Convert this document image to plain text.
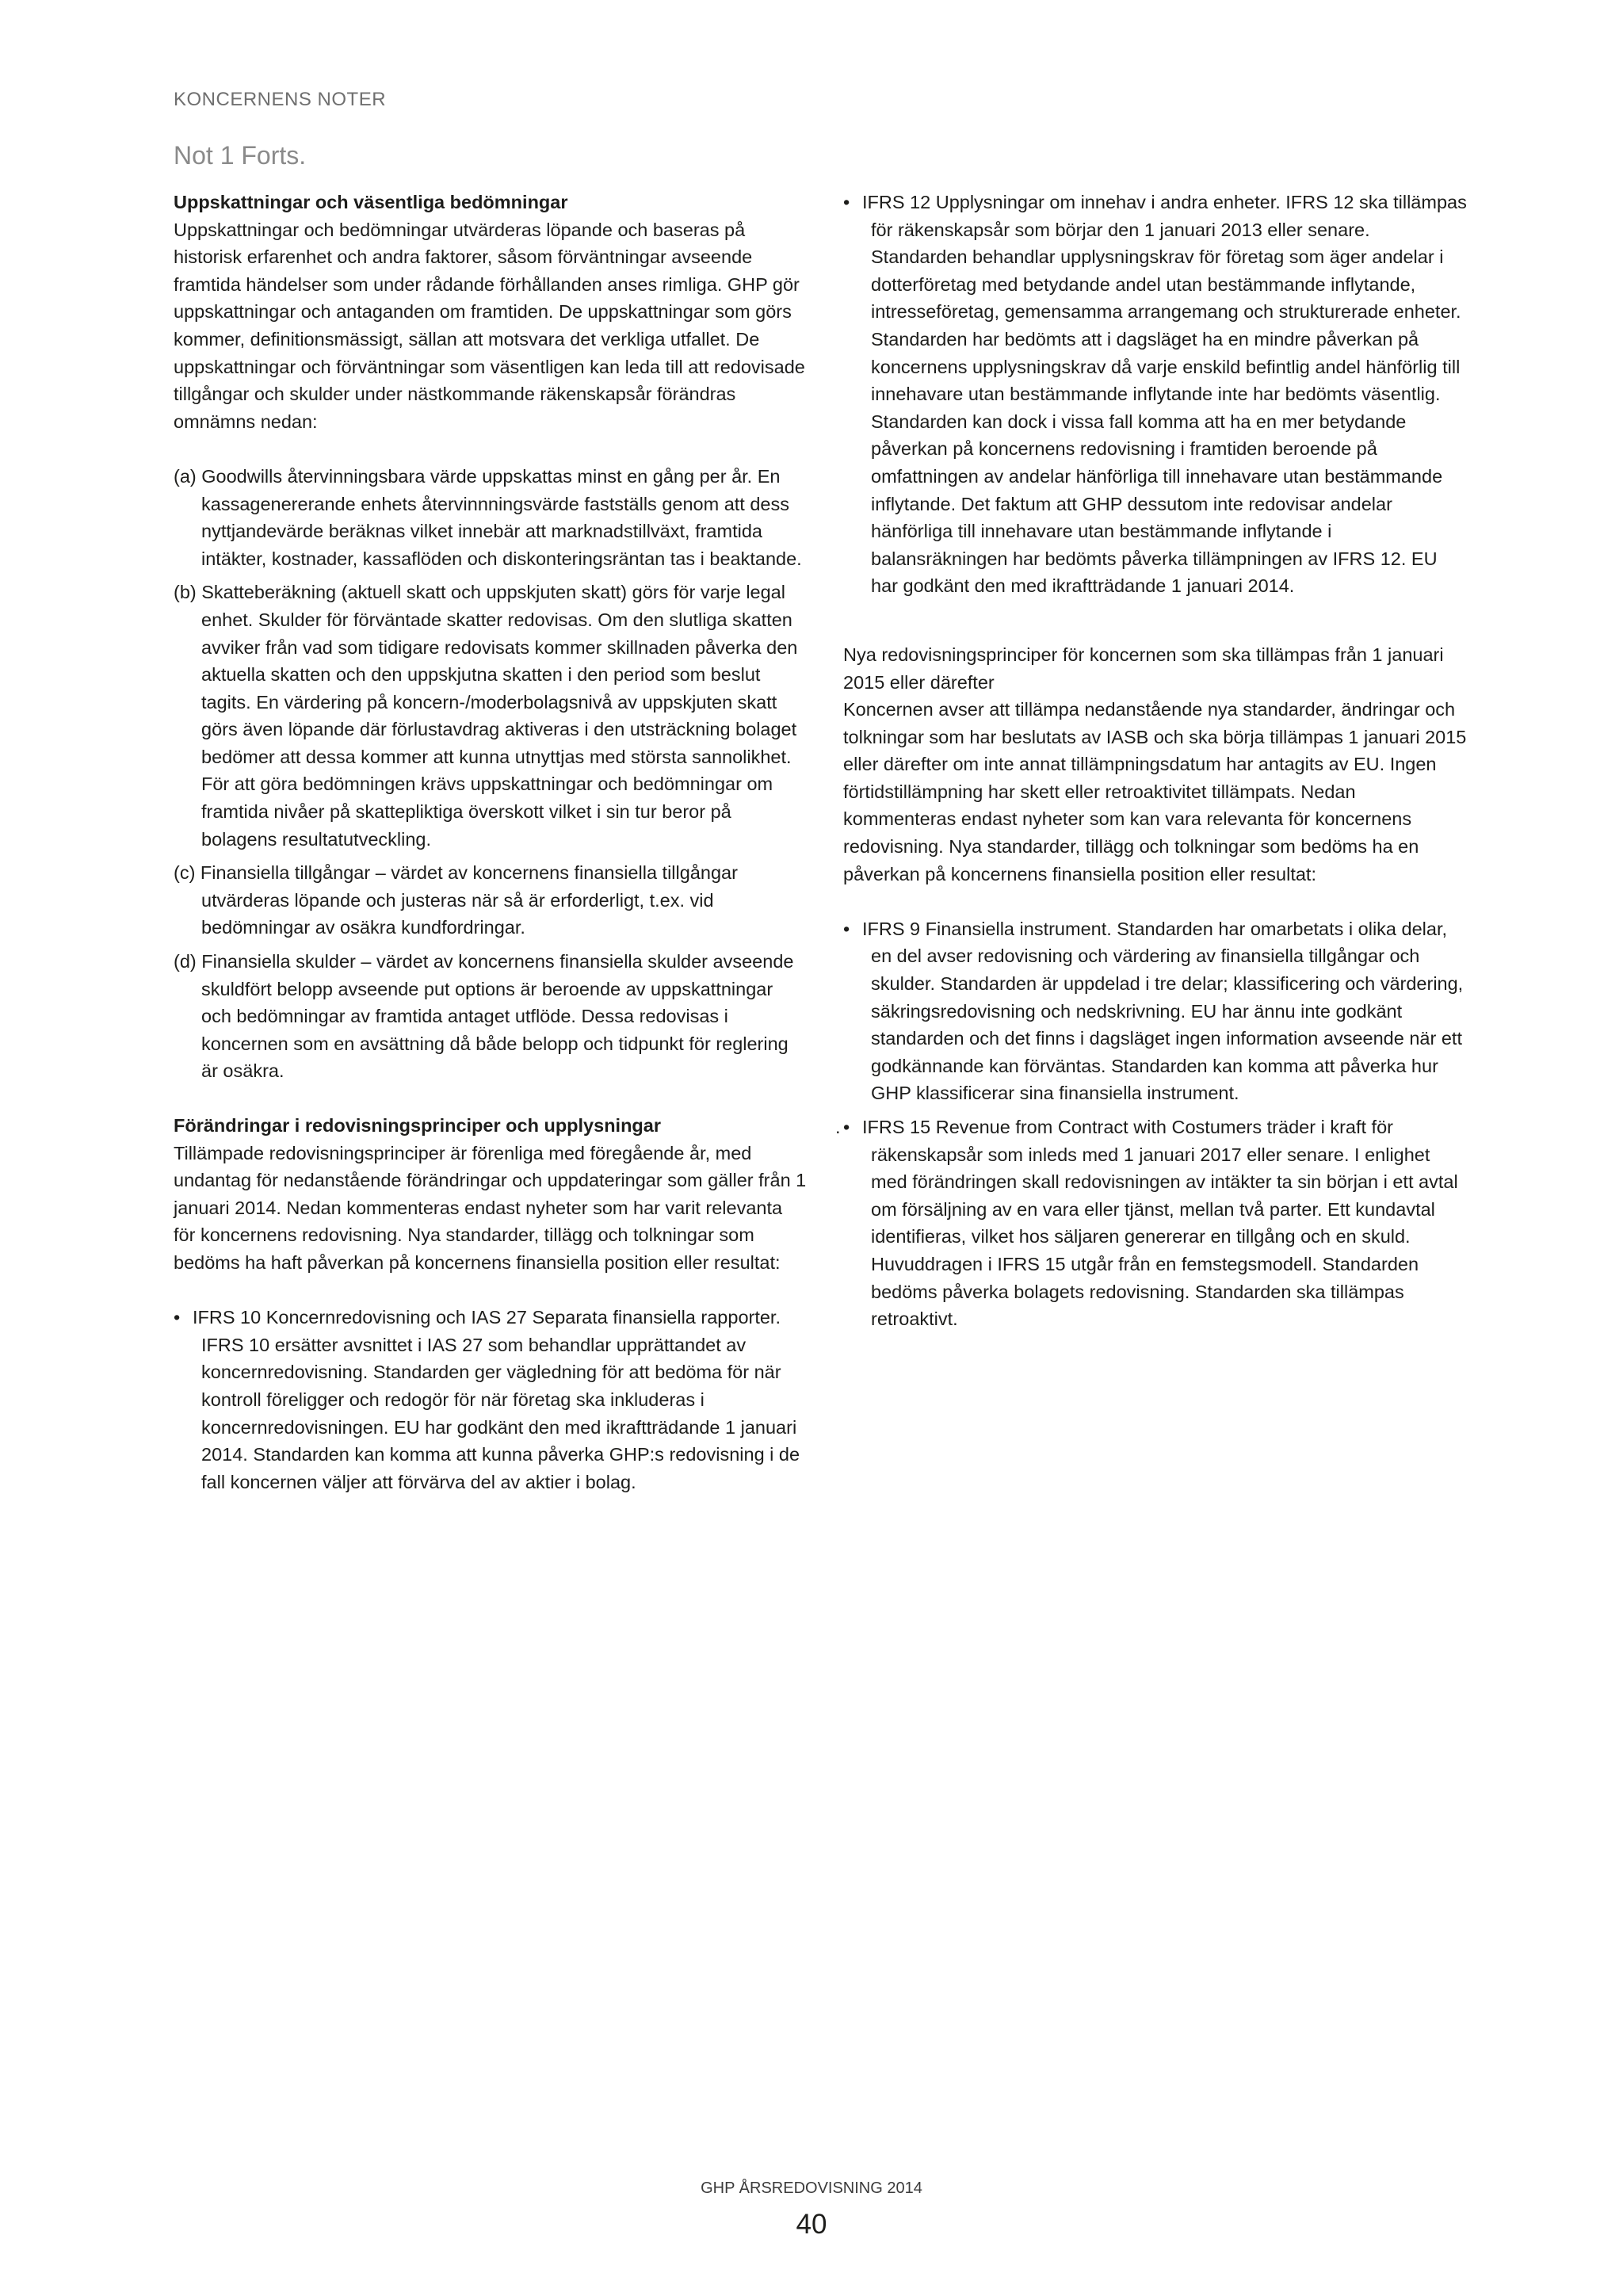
KONCERNENS NOTER
Not 1 Forts.

Uppskattningar och väsentliga bedömningar

Uppskattningar och bedömningar utvärderas löpande och baseras på historisk erfarenhet och andra faktorer, såsom förväntningar avseende framtida händelser som under rådande förhållanden anses rimliga. GHP gör uppskattningar och antaganden om framtiden. De uppskattningar som görs kommer, definitionsmässigt, sällan att motsvara det verkliga utfallet. De uppskattningar och förväntningar som väsentligen kan leda till att redovisade tillgångar och skulder under nästkommande räkenskapsår förändras omnämns nedan:

(a) Goodwills återvinningsbara värde uppskattas minst en gång per år. En kassagenererande enhets återvinnningsvärde fastställs genom att dess nyttjandevärde beräknas vilket innebär att marknadstillväxt, framtida intäkter, kostnader, kassaflöden och diskonteringsräntan tas i beaktande.
(b) Skatteberäkning (aktuell skatt och uppskjuten skatt) görs för varje legal enhet. Skulder för förväntade skatter redovisas. Om den slutliga skatten avviker från vad som tidigare redovisats kommer skillnaden påverka den aktuella skatten och den uppskjutna skatten i den period som beslut tagits. En värdering på koncern-/moderbolagsnivå av uppskjuten skatt görs även löpande där förlustavdrag aktiveras i den utsträckning bolaget bedömer att dessa kommer att kunna utnyttjas med största sannolikhet. För att göra bedömningen krävs uppskattningar och bedömningar om framtida nivåer på skattepliktiga överskott vilket i sin tur beror på bolagens resultatutveckling.
(c) Finansiella tillgångar – värdet av koncernens finansiella tillgångar utvärderas löpande och justeras när så är erforderligt, t.ex. vid bedömningar av osäkra kundfordringar.
(d) Finansiella skulder – värdet av koncernens finansiella skulder avseende skuldfört belopp avseende put options är beroende av uppskattningar och bedömningar av framtida antaget utflöde. Dessa redovisas i koncernen som en avsättning då både belopp och tidpunkt för reglering är osäkra.

Förändringar i redovisningsprinciper och upplysningar

Tillämpade redovisningsprinciper är förenliga med föregående år, med undantag för nedanstående förändringar och uppdateringar som gäller från 1 januari 2014. Nedan kommenteras endast nyheter som har varit relevanta för koncernens redovisning. Nya standarder, tillägg och tolkningar som bedöms ha haft påverkan på koncernens finansiella position eller resultat:

• IFRS 10 Koncernredovisning och IAS 27 Separata finansiella rapporter. IFRS 10 ersätter avsnittet i IAS 27 som behandlar upprättandet av koncernredovisning. Standarden ger vägledning för att bedöma för när kontroll föreligger och redogör för när företag ska inkluderas i koncernredovisningen. EU har godkänt den med ikraftträdande 1 januari 2014. Standarden kan komma att kunna påverka GHP:s redovisning i de fall koncernen väljer att förvärva del av aktier i bolag.
• IFRS 12 Upplysningar om innehav i andra enheter. IFRS 12 ska tillämpas för räkenskapsår som börjar den 1 januari 2013 eller senare. Standarden behandlar upplysningskrav för företag som äger andelar i dotterföretag med betydande andel utan bestämmande inflytande, intresseföretag, gemensamma arrangemang och strukturerade enheter. Standarden har bedömts att i dagsläget ha en mindre påverkan på koncernens upplysningskrav då varje enskild befintlig andel hänförlig till innehavare utan bestämmande inflytande inte har bedömts väsentlig. Standarden kan dock i vissa fall komma att ha en mer betydande påverkan på koncernens redovisning i framtiden beroende på omfattningen av andelar hänförliga till innehavare utan bestämmande inflytande. Det faktum att GHP dessutom inte redovisar andelar hänförliga till innehavare utan bestämmande inflytande i balansräkningen har bedömts påverka tillämpningen av IFRS 12. EU har godkänt den med ikraftträdande 1 januari 2014.

Nya redovisningsprinciper för koncernen som ska tillämpas från 1 januari 2015 eller därefter

Koncernen avser att tillämpa nedanstående nya standarder, ändringar och tolkningar som har beslutats av IASB och ska börja tillämpas 1 januari 2015 eller därefter om inte annat tillämpningsdatum har antagits av EU. Ingen förtidstillämpning har skett eller retroaktivitet tillämpats. Nedan kommenteras endast nyheter som kan vara relevanta för koncernens redovisning. Nya standarder, tillägg och tolkningar som bedöms ha en påverkan på koncernens finansiella position eller resultat:

• IFRS 9 Finansiella instrument. Standarden har omarbetats i olika delar, en del avser redovisning och värdering av finansiella tillgångar och skulder. Standarden är uppdelad i tre delar; klassificering och värdering, säkringsredovisning och nedskrivning. EU har ännu inte godkänt standarden och det finns i dagsläget ingen information avseende när ett godkännande kan förväntas. Standarden kan komma att påverka hur GHP klassificerar sina finansiella instrument.
. • IFRS 15 Revenue from Contract with Costumers träder i kraft för räkenskapsår som inleds med 1 januari 2017 eller senare. I enlighet med förändringen skall redovisningen av intäkter ta sin början i ett avtal om försäljning av en vara eller tjänst, mellan två parter. Ett kundavtal identifieras, vilket hos säljaren genererar en tillgång och en skuld. Huvuddragen i IFRS 15 utgår från en femstegsmodell. Standarden bedöms påverka bolagets redovisning. Standarden ska tillämpas retroaktivt.
GHP ÅRSREDOVISNING 2014
40
